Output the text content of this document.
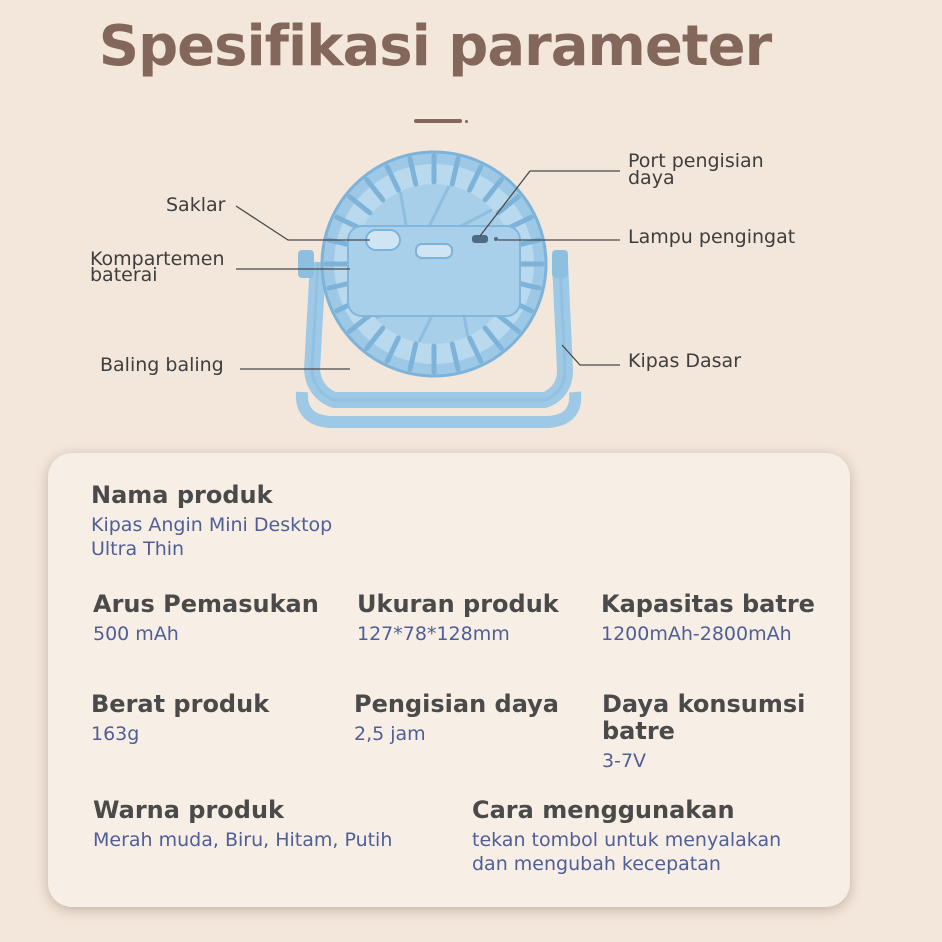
Spesifikasi parameter
Saklar
Kompartemen
baterai
Baling baling
Port pengisian
daya
Lampu pengingat
Kipas Dasar
Nama produk
Kipas Angin Mini Desktop
Ultra Thin
Arus Pemasukan
500 mAh
Ukuran produk
127*78*128mm
Kapasitas batre
1200mAh-2800mAh
Berat produk
163g
Pengisian daya
2,5 jam
Daya konsumsi
batre
3-7V
Warna produk
Merah muda, Biru, Hitam, Putih
Cara menggunakan
tekan tombol untuk menyalakan
dan mengubah kecepatan
